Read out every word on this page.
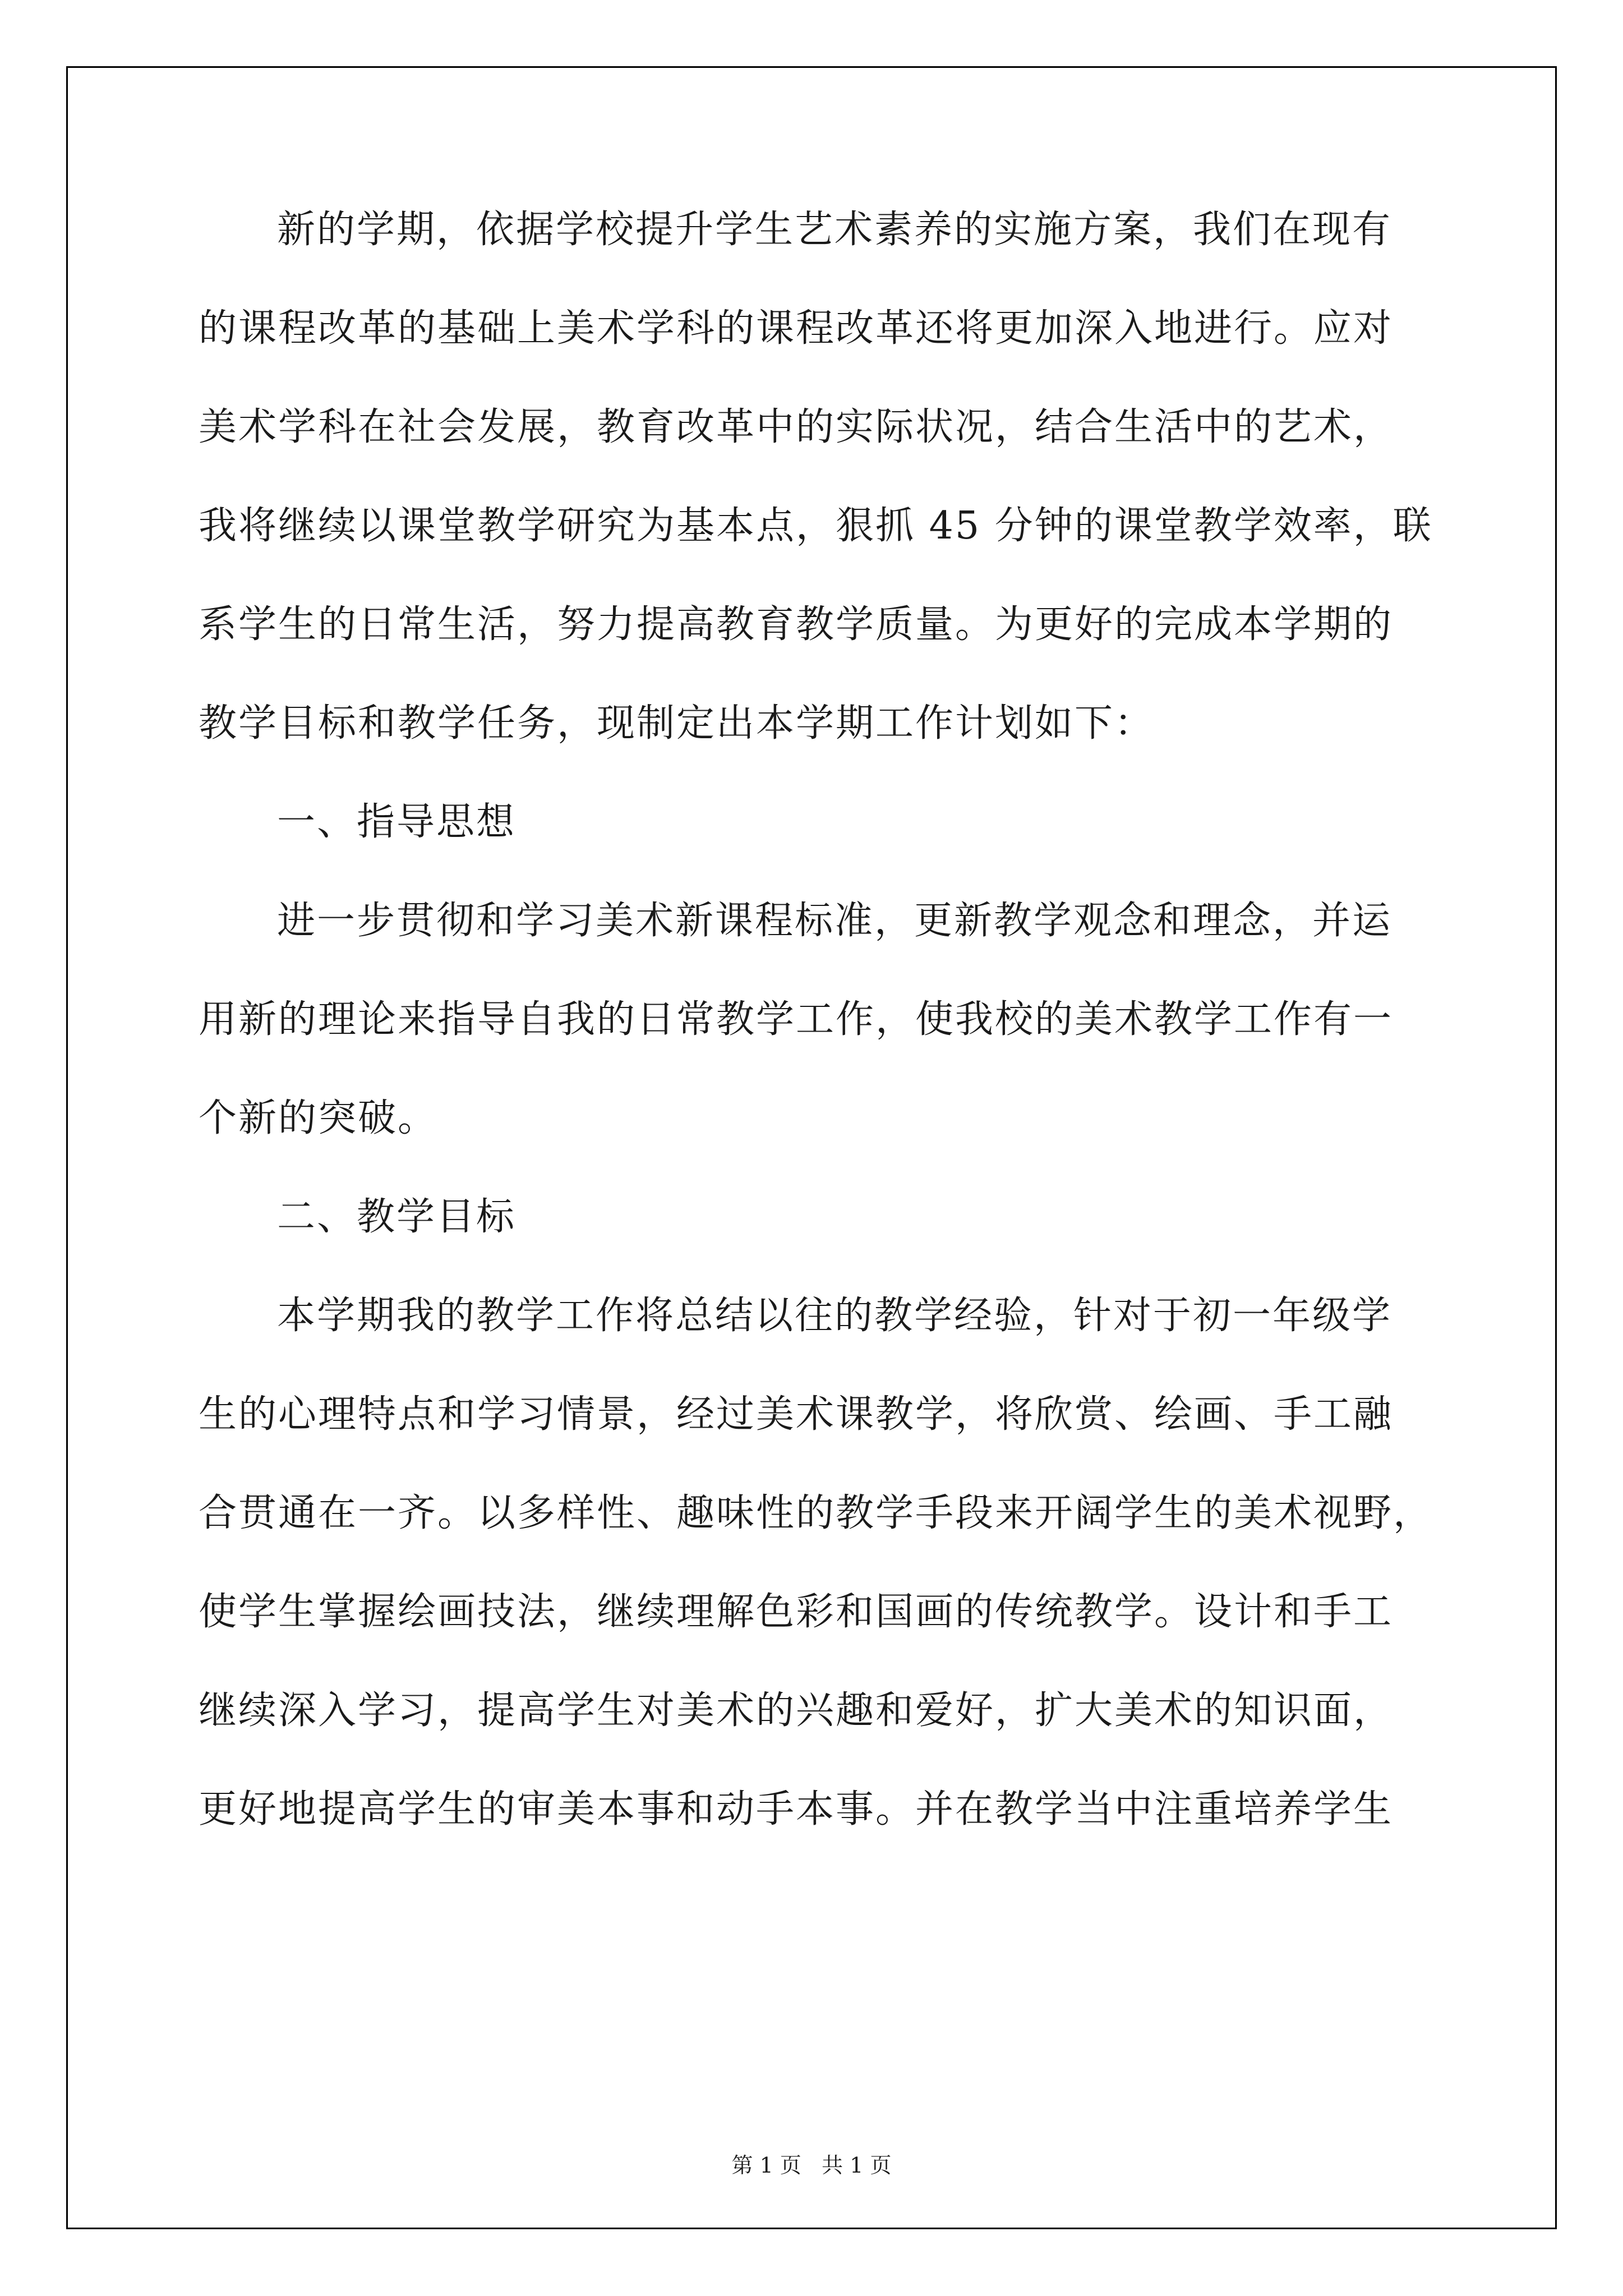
新的学期，依据学校提升学生艺术素养的实施方案，我们在现有
的课程改革的基础上美术学科的课程改革还将更加深入地进行。应对
美术学科在社会发展，教育改革中的实际状况，结合生活中的艺术，
我将继续以课堂教学研究为基本点，狠抓 45 分钟的课堂教学效率，联
系学生的日常生活，努力提高教育教学质量。为更好的完成本学期的
教学目标和教学任务，现制定出本学期工作计划如下：
一、指导思想
进一步贯彻和学习美术新课程标准，更新教学观念和理念，并运
用新的理论来指导自我的日常教学工作，使我校的美术教学工作有一
个新的突破。
二、教学目标
本学期我的教学工作将总结以往的教学经验，针对于初一年级学
生的心理特点和学习情景，经过美术课教学，将欣赏、绘画、手工融
合贯通在一齐。以多样性、趣味性的教学手段来开阔学生的美术视野，
使学生掌握绘画技法，继续理解色彩和国画的传统教学。设计和手工
继续深入学习，提高学生对美术的兴趣和爱好，扩大美术的知识面，
更好地提高学生的审美本事和动手本事。并在教学当中注重培养学生
第 1 页   共 1 页
